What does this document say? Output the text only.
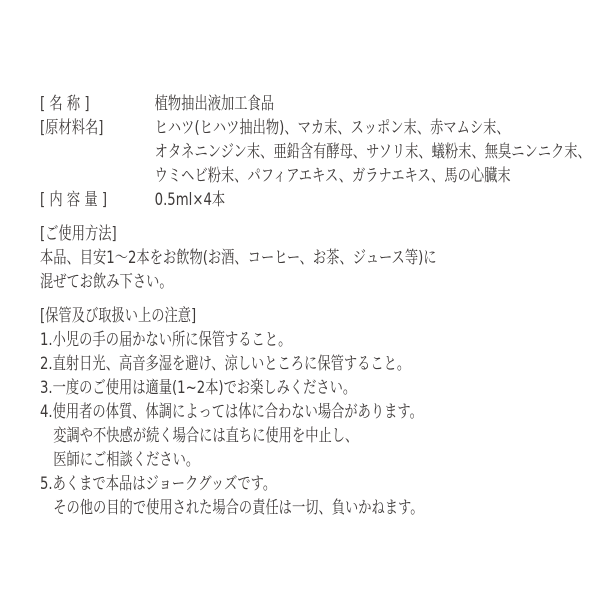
[ 名 称 ]	植物抽出液加工食品
[原材料名]	ヒハツ(ヒハツ抽出物)、マカ末、スッポン末、赤マムシ末、
オタネニンジン末、亜鉛含有酵母、サソリ末、蟻粉末、無臭ニンニク末、
ウミヘビ粉末、パフィアエキス、ガラナエキス、馬の心臓末
[ 内 容 量 ]	0.5ml×4本
[ご使用方法]
本品、目安1〜2本をお飲物(お酒、コーヒー、お茶、ジュース等)に
混ぜてお飲み下さい。
[保管及び取扱い上の注意]
1.小児の手の届かない所に保管すること。
2.直射日光、高音多湿を避け、涼しいところに保管すること。
3.一度のご使用は適量(1~2本)でお楽しみください。
4.使用者の体質、体調によっては体に合わない場合があります。
変調や不快感が続く場合には直ちに使用を中止し、
医師にご相談ください。
5.あくまで本品はジョークグッズです。
その他の目的で使用された場合の責任は一切、負いかねます。
